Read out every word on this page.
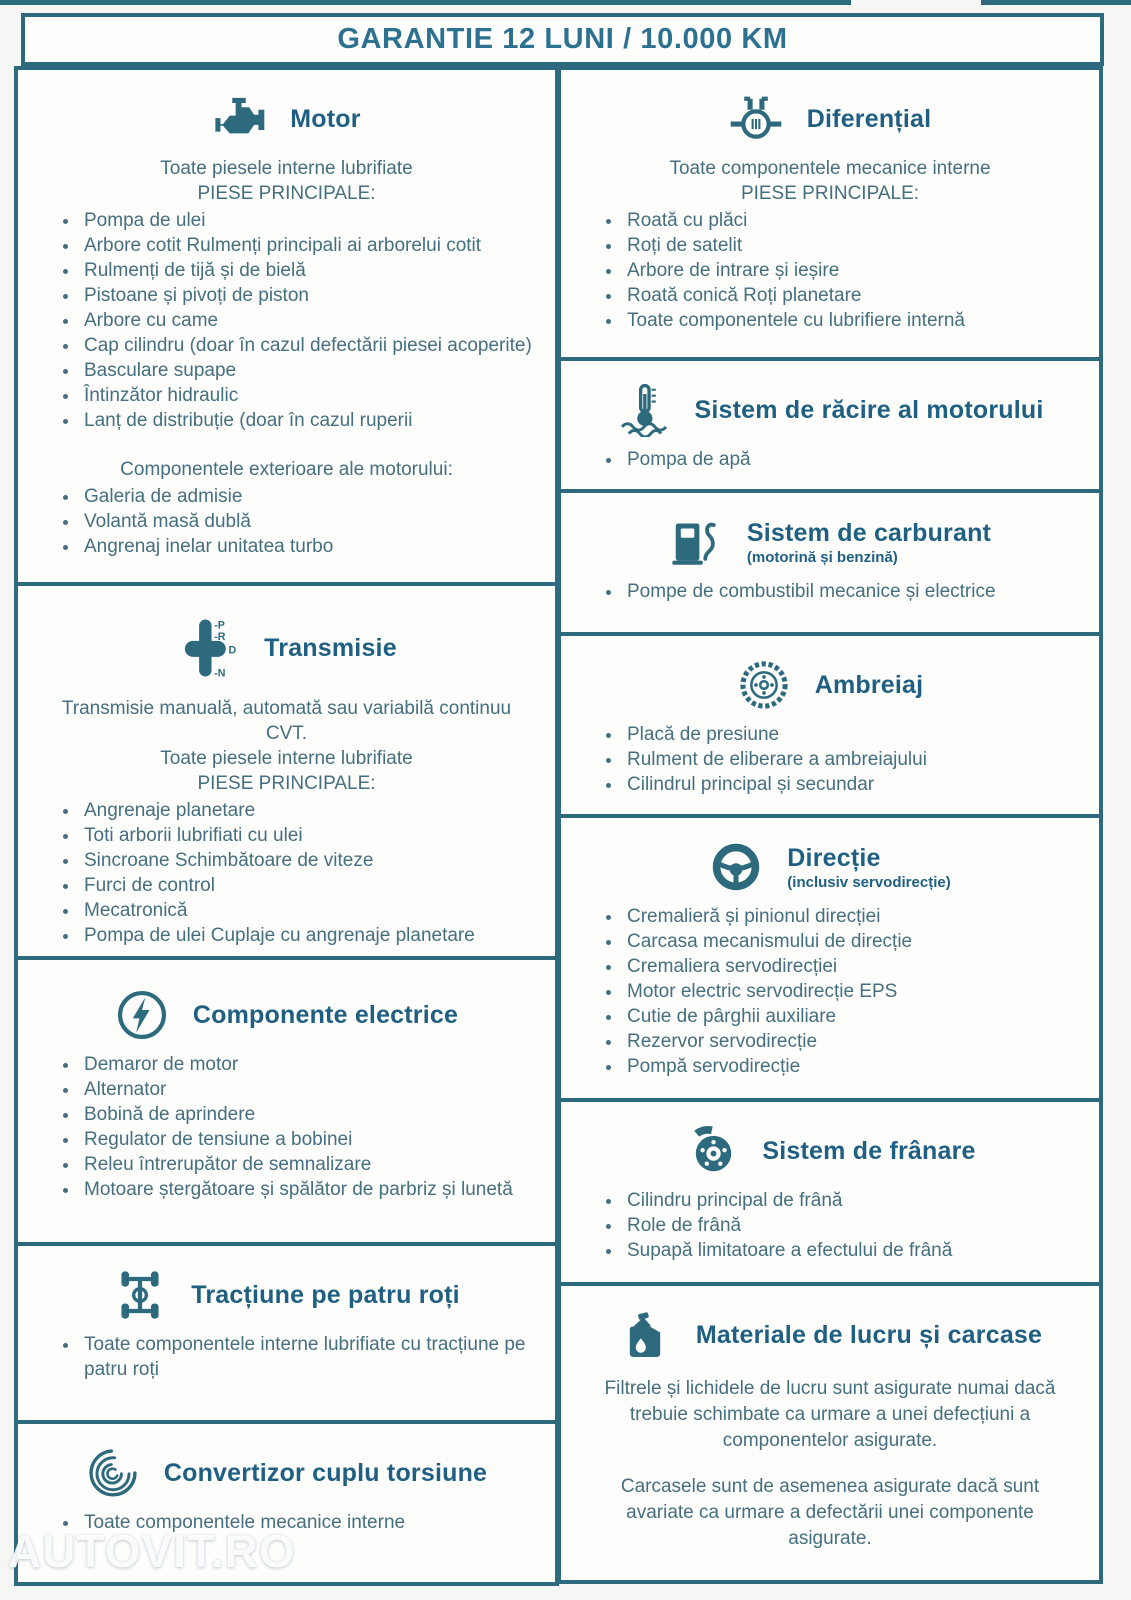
GARANTIE 12 LUNI / 10.000 KM
Motor

Toate piesele interne lubrifiate

PIESE PRINCIPALE:

• Pompa de ulei
• Arbore cotit Rulmenți principali ai arborelui cotit
• Rulmenți de tijă și de bielă
• Pistoane și pivoți de piston
• Arbore cu came
• Cap cilindru (doar în cazul defectării piesei acoperite)
• Basculare supape
• Întinzător hidraulic
• Lanț de distribuție (doar în cazul ruperii

Componentele exterioare ale motorului:

• Galeria de admisie
• Volantă masă dublă
• Angrenaj inelar unitatea turbo
-P
-R
D
-N
Transmisie

Transmisie manuală, automată sau variabilă continuu

CVT.

Toate piesele interne lubrifiate

PIESE PRINCIPALE:

• Angrenaje planetare
• Toti arborii lubrifiati cu ulei
• Sincroane Schimbătoare de viteze
• Furci de control
• Mecatronică
• Pompa de ulei Cuplaje cu angrenaje planetare
Componente electrice
• Demaror de motor
• Alternator
• Bobină de aprindere
• Regulator de tensiune a bobinei
• Releu întrerupător de semnalizare
• Motoare ștergătoare și spălător de parbriz și lunetă
Tracțiune pe patru roți
• Toate componentele interne lubrifiate cu tracțiune pe patru roți
Convertizor cuplu torsiune
• Toate componentele mecanice interne
Diferențial

Toate componentele mecanice interne

PIESE PRINCIPALE:

• Roată cu plăci
• Roți de satelit
• Arbore de intrare și ieșire
• Roată conică Roți planetare
• Toate componentele cu lubrifiere internă
Sistem de răcire al motorului
• Pompa de apă
Sistem de carburant
(motorină și benzină)
• Pompe de combustibil mecanice și electrice
Ambreiaj
• Placă de presiune
• Rulment de eliberare a ambreiajului
• Cilindrul principal și secundar
Direcție
(inclusiv servodirecție)
• Cremalieră și pinionul direcției
• Carcasa mecanismului de direcție
• Cremaliera servodirecției
• Motor electric servodirecție EPS
• Cutie de pârghii auxiliare
• Rezervor servodirecție
• Pompă servodirecție
Sistem de frânare
• Cilindru principal de frână
• Role de frână
• Supapă limitatoare a efectului de frână
Materiale de lucru și carcase

Filtrele și lichidele de lucru sunt asigurate numai dacă trebuie schimbate ca urmare a unei defecțiuni a componentelor asigurate.

Carcasele sunt de asemenea asigurate dacă sunt avariate ca urmare a defectării unei componente asigurate.

AUTOVIT.RO
